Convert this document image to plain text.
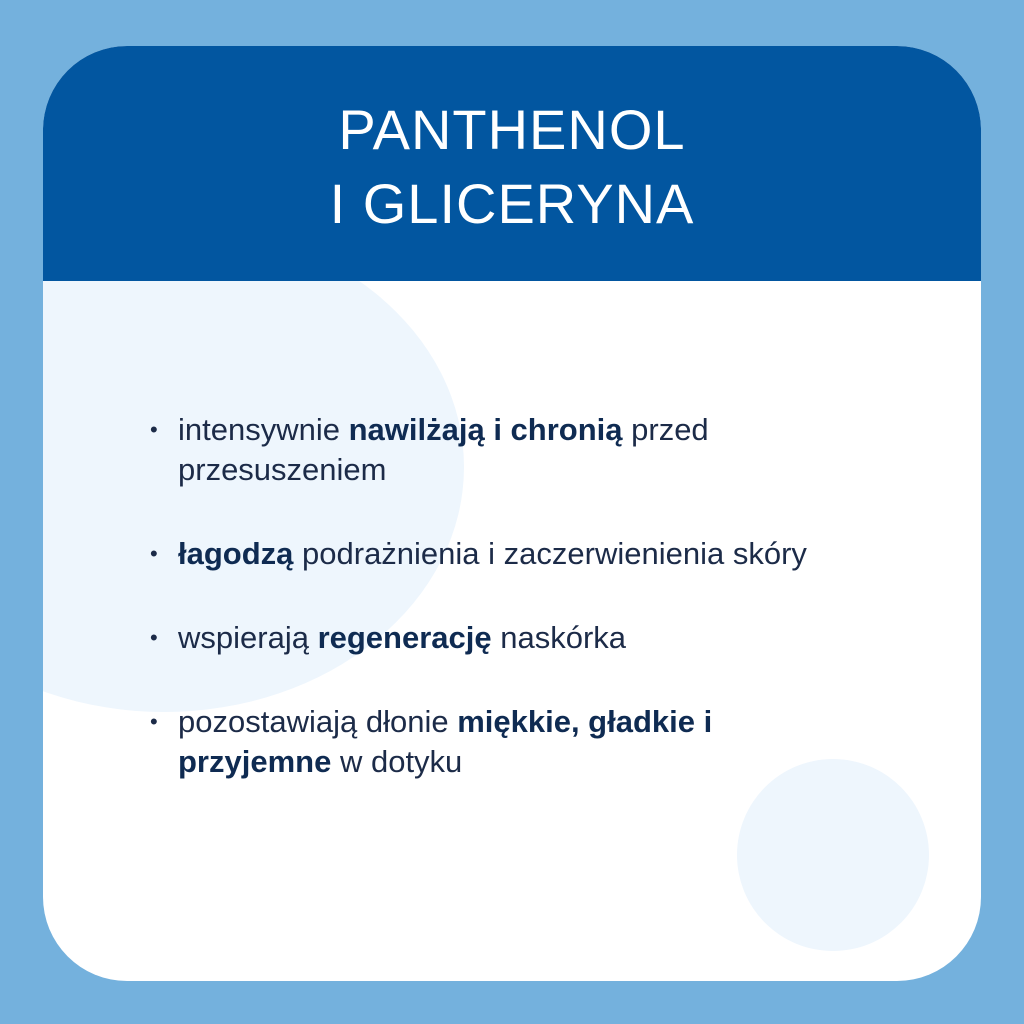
PANTHENOL
I GLICERYNA
• intensywnie nawilżają i chronią przed przesuszeniem
• łagodzą podrażnienia i zaczerwienienia skóry
• wspierają regenerację naskórka
• pozostawiają dłonie miękkie, gładkie i przyjemne w dotyku
